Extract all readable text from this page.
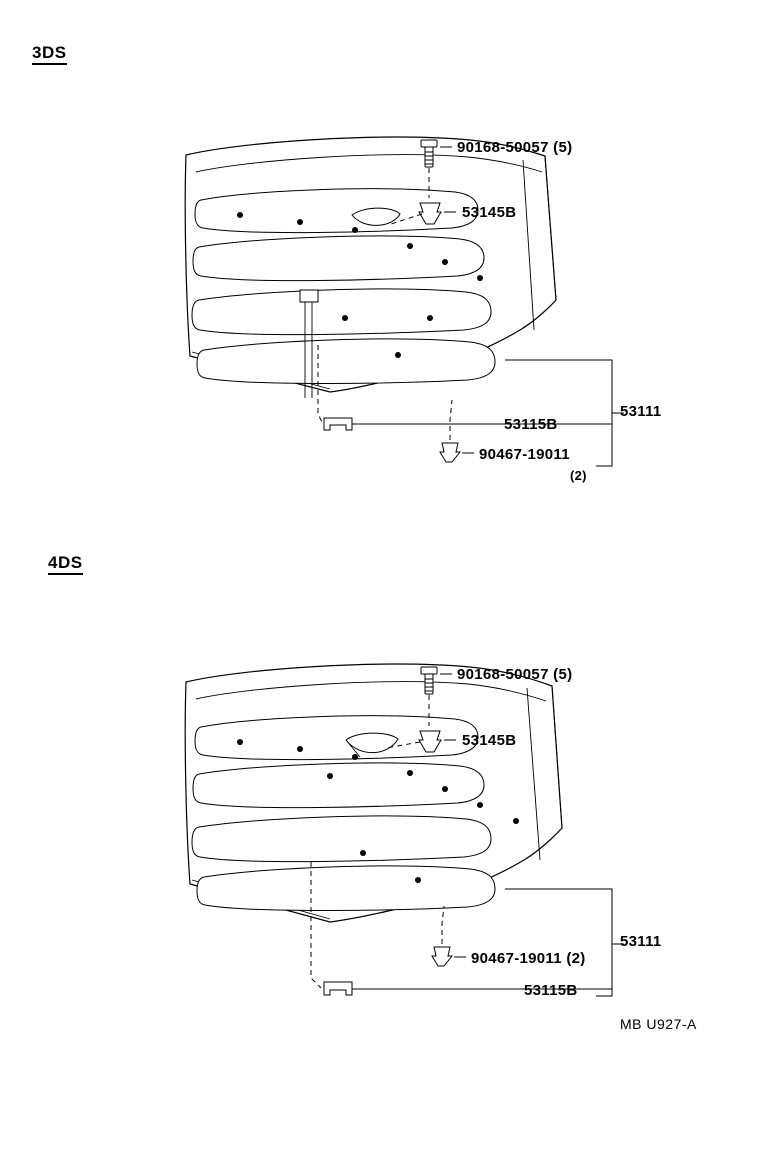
3DS
90168-50057 (5)
53145B
53115B
90467-19011
(2)
53111
4DS
90168-50057 (5)
53145B
90467-19011 (2)
53115B
53111
MB U927-A
